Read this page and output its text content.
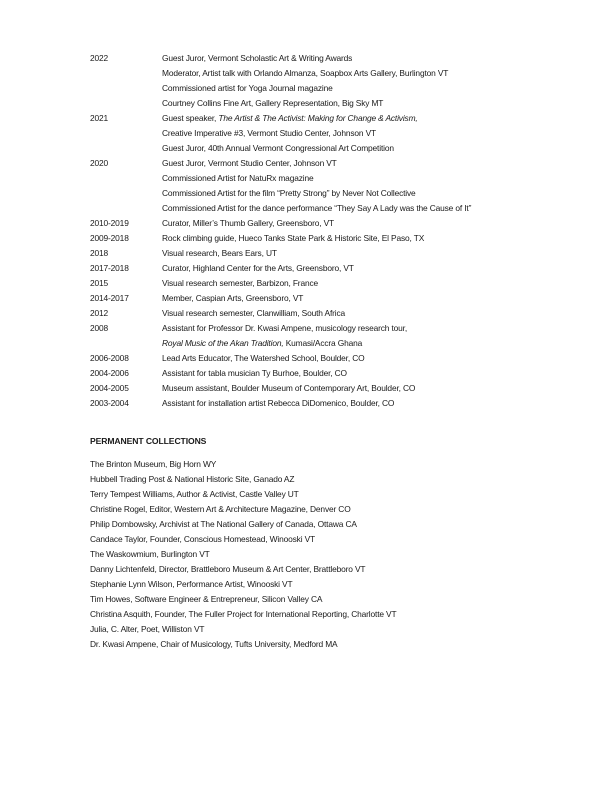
2022	Guest Juror, Vermont Scholastic Art & Writing Awards
Moderator, Artist talk with Orlando Almanza, Soapbox Arts Gallery, Burlington VT
Commissioned artist for Yoga Journal magazine
Courtney Collins Fine Art, Gallery Representation, Big Sky MT
2021	Guest speaker, The Artist & The Activist: Making for Change & Activism,
Creative Imperative #3, Vermont Studio Center, Johnson VT
Guest Juror, 40th Annual Vermont Congressional Art Competition
2020	Guest Juror, Vermont Studio Center, Johnson VT
Commissioned Artist for NatuRx magazine
Commissioned Artist for the film “Pretty Strong” by Never Not Collective
Commissioned Artist for the dance performance “They Say A Lady was the Cause of It”
2010-2019	Curator, Miller’s Thumb Gallery, Greensboro, VT
2009-2018	Rock climbing guide, Hueco Tanks State Park & Historic Site, El Paso, TX
2018	Visual research, Bears Ears, UT
2017-2018	Curator, Highland Center for the Arts, Greensboro, VT
2015	Visual research semester, Barbizon, France
2014-2017	Member, Caspian Arts, Greensboro, VT
2012	Visual research semester, Clanwilliam, South Africa
2008	Assistant for Professor Dr. Kwasi Ampene, musicology research tour,
Royal Music of the Akan Tradition, Kumasi/Accra Ghana
2006-2008	Lead Arts Educator, The Watershed School, Boulder, CO
2004-2006	Assistant for tabla musician Ty Burhoe, Boulder, CO
2004-2005	Museum assistant, Boulder Museum of Contemporary Art, Boulder, CO
2003-2004	Assistant for installation artist Rebecca DiDomenico, Boulder, CO
PERMANENT COLLECTIONS
The Brinton Museum, Big Horn WY
Hubbell Trading Post & National Historic Site, Ganado AZ
Terry Tempest Williams, Author & Activist, Castle Valley UT
Christine Rogel, Editor, Western Art & Architecture Magazine, Denver CO
Philip Dombowsky, Archivist at The National Gallery of Canada, Ottawa CA
Candace Taylor, Founder, Conscious Homestead, Winooski VT
The Waskowmium, Burlington VT
Danny Lichtenfeld, Director, Brattleboro Museum & Art Center, Brattleboro VT
Stephanie Lynn Wilson, Performance Artist, Winooski VT
Tim Howes, Software Engineer & Entrepreneur, Silicon Valley CA
Christina Asquith, Founder, The Fuller Project for International Reporting, Charlotte VT
Julia, C. Alter, Poet, Williston VT
Dr. Kwasi Ampene, Chair of Musicology, Tufts University, Medford MA
